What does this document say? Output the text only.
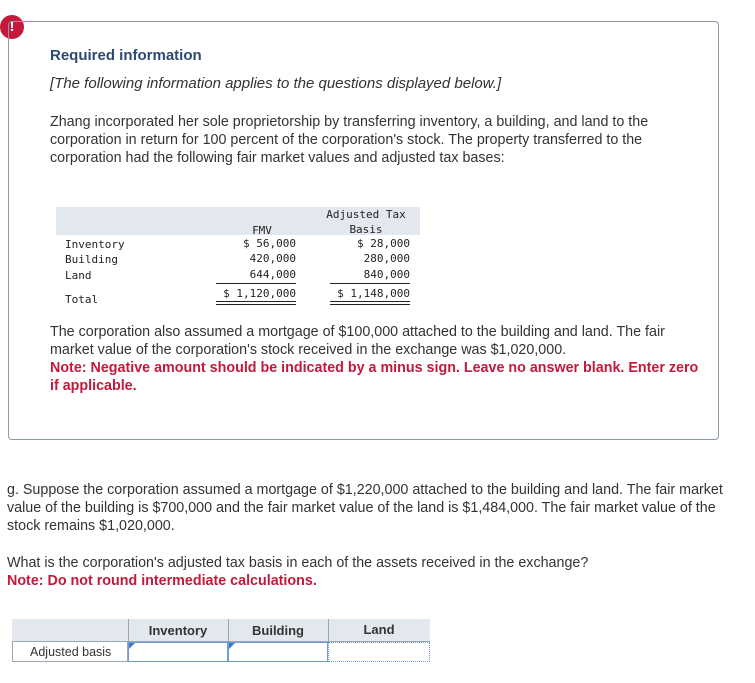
!
Required information
[The following information applies to the questions displayed below.]
Zhang incorporated her sole proprietorship by transferring inventory, a building, and land to the corporation in return for 100 percent of the corporation's stock. The property transferred to the corporation had the following fair market values and adjusted tax bases:
FMV
Adjusted Tax
Basis
Inventory
Building
Land
Total
$ 56,000
420,000
644,000
$ 1,120,000
$ 28,000
280,000
840,000
$ 1,148,000
The corporation also assumed a mortgage of $100,000 attached to the building and land. The fair market value of the corporation's stock received in the exchange was $1,020,000.
Note: Negative amount should be indicated by a minus sign. Leave no answer blank. Enter zero if applicable.
g. Suppose the corporation assumed a mortgage of $1,220,000 attached to the building and land. The fair market value of the building is $700,000 and the fair market value of the land is $1,484,000. The fair market value of the stock remains $1,020,000.
What is the corporation's adjusted tax basis in each of the assets received in the exchange?
Note: Do not round intermediate calculations.
Inventory	Building	Land
Adjusted basis
